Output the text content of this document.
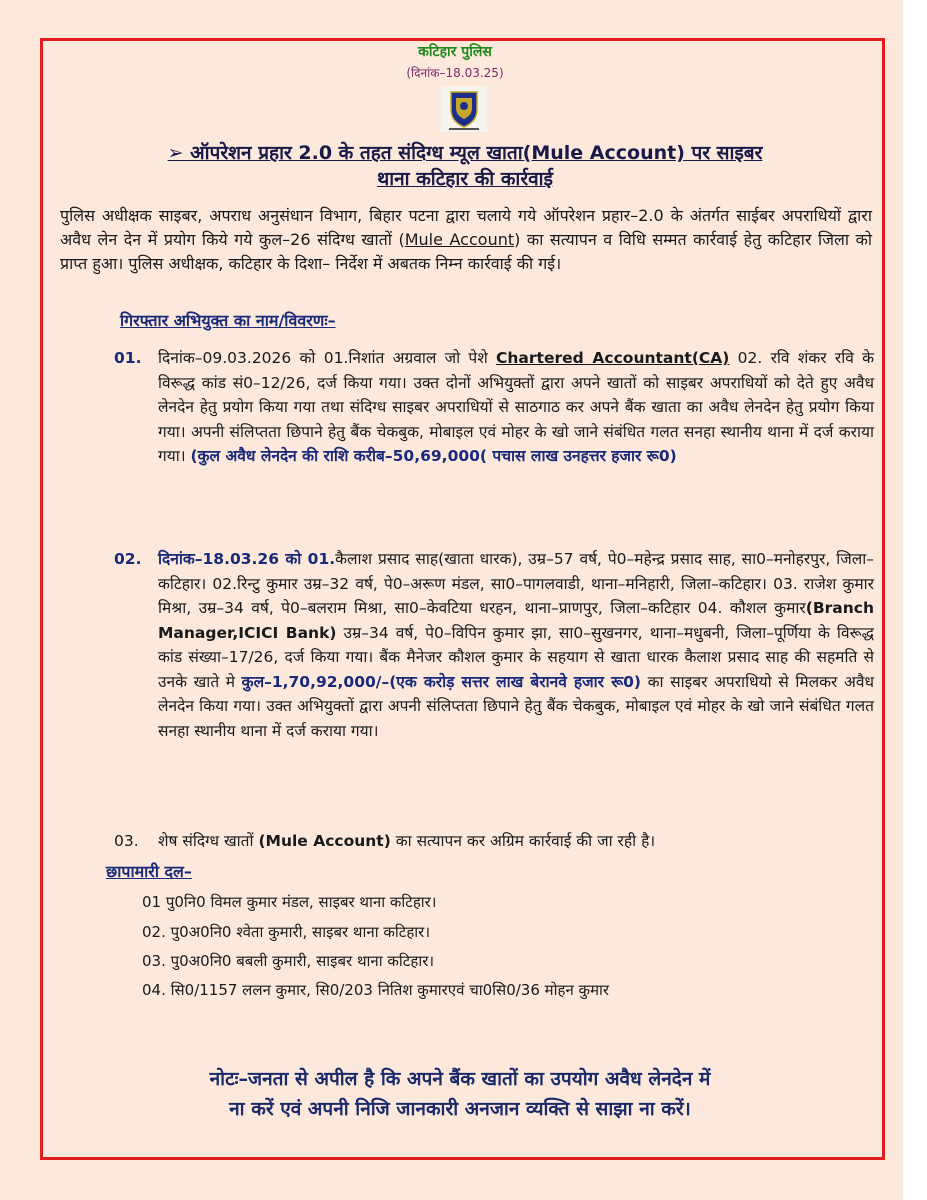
कटिहार पुलिस
(दिनांक–18.03.25)
➢ ऑपरेशन प्रहार 2.0 के तहत संदिग्ध म्यूल खाता(Mule Account) पर साइबर
थाना कटिहार की कार्रवाई
पुलिस अधीक्षक साइबर, अपराध अनुसंधान विभाग, बिहार पटना द्वारा चलाये गये ऑपरेशन प्रहार–2.0 के अंतर्गत साईबर अपराधियों द्वारा अवैध लेन देन में प्रयोग किये गये कुल–26 संदिग्ध खातों (Mule Account) का सत्यापन व विधि सम्मत कार्रवाई हेतु कटिहार जिला को प्राप्त हुआ। पुलिस अधीक्षक, कटिहार के दिशा– निर्देश में अबतक निम्न कार्रवाई की गई।
गिरफ्तार अभियुक्त का नाम/विवरणः–
01.	दिनांक–09.03.2026 को 01.निशांत अग्रवाल जो पेशे Chartered Accountant(CA) 02. रवि शंकर रवि के विरूद्ध कांड सं0–12/26, दर्ज किया गया। उक्त दोनों अभियुक्तों द्वारा अपने खातों को साइबर अपराधियों को देते हुए अवैध लेनदेन हेतु प्रयोग किया गया तथा संदिग्ध साइबर अपराधियों से साठगाठ कर अपने बैंक खाता का अवैध लेनदेन हेतु प्रयोग किया गया। अपनी संलिप्तता छिपाने हेतु बैंक चेकबुक, मोबाइल एवं मोहर के खो जाने संबंधित गलत सनहा स्थानीय थाना में दर्ज कराया गया। (कुल अवैध लेनदेन की राशि करीब–50,69,000( पचास लाख उनहत्तर हजार रू0)
02.	दिनांक–18.03.26 को 01.कैलाश प्रसाद साह(खाता धारक), उम्र–57 वर्ष, पे0–महेन्द्र प्रसाद साह, सा0–मनोहरपुर, जिला–कटिहार। 02.रिन्टु कुमार उम्र–32 वर्ष, पे0–अरूण मंडल, सा0–पागलवाडी, थाना–मनिहारी, जिला–कटिहार। 03. राजेश कुमार मिश्रा, उम्र–34 वर्ष, पे0–बलराम मिश्रा, सा0–केवटिया धरहन, थाना–प्राणपुर, जिला–कटिहार 04. कौशल कुमार(Branch Manager,ICICI Bank) उम्र–34 वर्ष, पे0–विपिन कुमार झा, सा0–सुखनगर, थाना–मधुबनी, जिला–पूर्णिया के विरूद्ध कांड संख्या–17/26, दर्ज किया गया। बैंक मैनेजर कौशल कुमार के सहयाग से खाता धारक कैलाश प्रसाद साह की सहमति से उनके खाते मे कुल–1,70,92,000/–(एक करोड़ सत्तर लाख बेरानवे हजार रू0) का साइबर अपराधियो से मिलकर अवैध लेनदेन किया गया। उक्त अभियुक्तों द्वारा अपनी संलिप्तता छिपाने हेतु बैंक चेकबुक, मोबाइल एवं मोहर के खो जाने संबंधित गलत सनहा स्थानीय थाना में दर्ज कराया गया।
03.	शेष संदिग्ध खातों (Mule Account) का सत्यापन कर अग्रिम कार्रवाई की जा रही है।
छापामारी दल–
01 पु0नि0 विमल कुमार मंडल, साइबर थाना कटिहार।
02. पु0अ0नि0 श्वेता कुमारी, साइबर थाना कटिहार।
03. पु0अ0नि0 बबली कुमारी, साइबर थाना कटिहार।
04. सि0/1157 ललन कुमार, सि0/203 नितिश कुमारएवं चा0सि0/36 मोहन कुमार
नोटः–जनता से अपील है कि अपने बैंक खातों का उपयोग अवैध लेनदेन में
ना करें एवं अपनी निजि जानकारी अनजान व्यक्ति से साझा ना करें।
